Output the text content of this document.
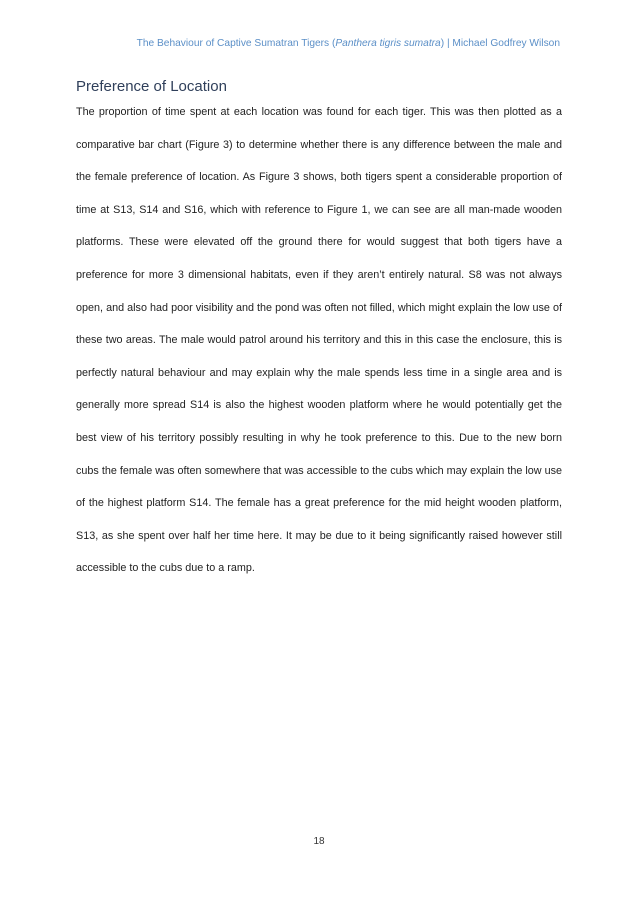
The Behaviour of Captive Sumatran Tigers (Panthera tigris sumatra) | Michael Godfrey Wilson
Preference of Location

The proportion of time spent at each location was found for each tiger. This was then plotted as a comparative bar chart (Figure 3) to determine whether there is any difference between the male and the female preference of location. As Figure 3 shows, both tigers spent a considerable proportion of time at S13, S14 and S16, which with reference to Figure 1, we can see are all man-made wooden platforms. These were elevated off the ground there for would suggest that both tigers have a preference for more 3 dimensional habitats, even if they aren’t entirely natural. S8 was not always open, and also had poor visibility and the pond was often not filled, which might explain the low use of these two areas. The male would patrol around his territory and this in this case the enclosure, this is perfectly natural behaviour and may explain why the male spends less time in a single area and is generally more spread S14 is also the highest wooden platform where he would potentially get the best view of his territory possibly resulting in why he took preference to this. Due to the new born cubs the female was often somewhere that was accessible to the cubs which may explain the low use of the highest platform S14. The female has a great preference for the mid height wooden platform, S13, as she spent over half her time here. It may be due to it being significantly raised however still accessible to the cubs due to a ramp.

18
